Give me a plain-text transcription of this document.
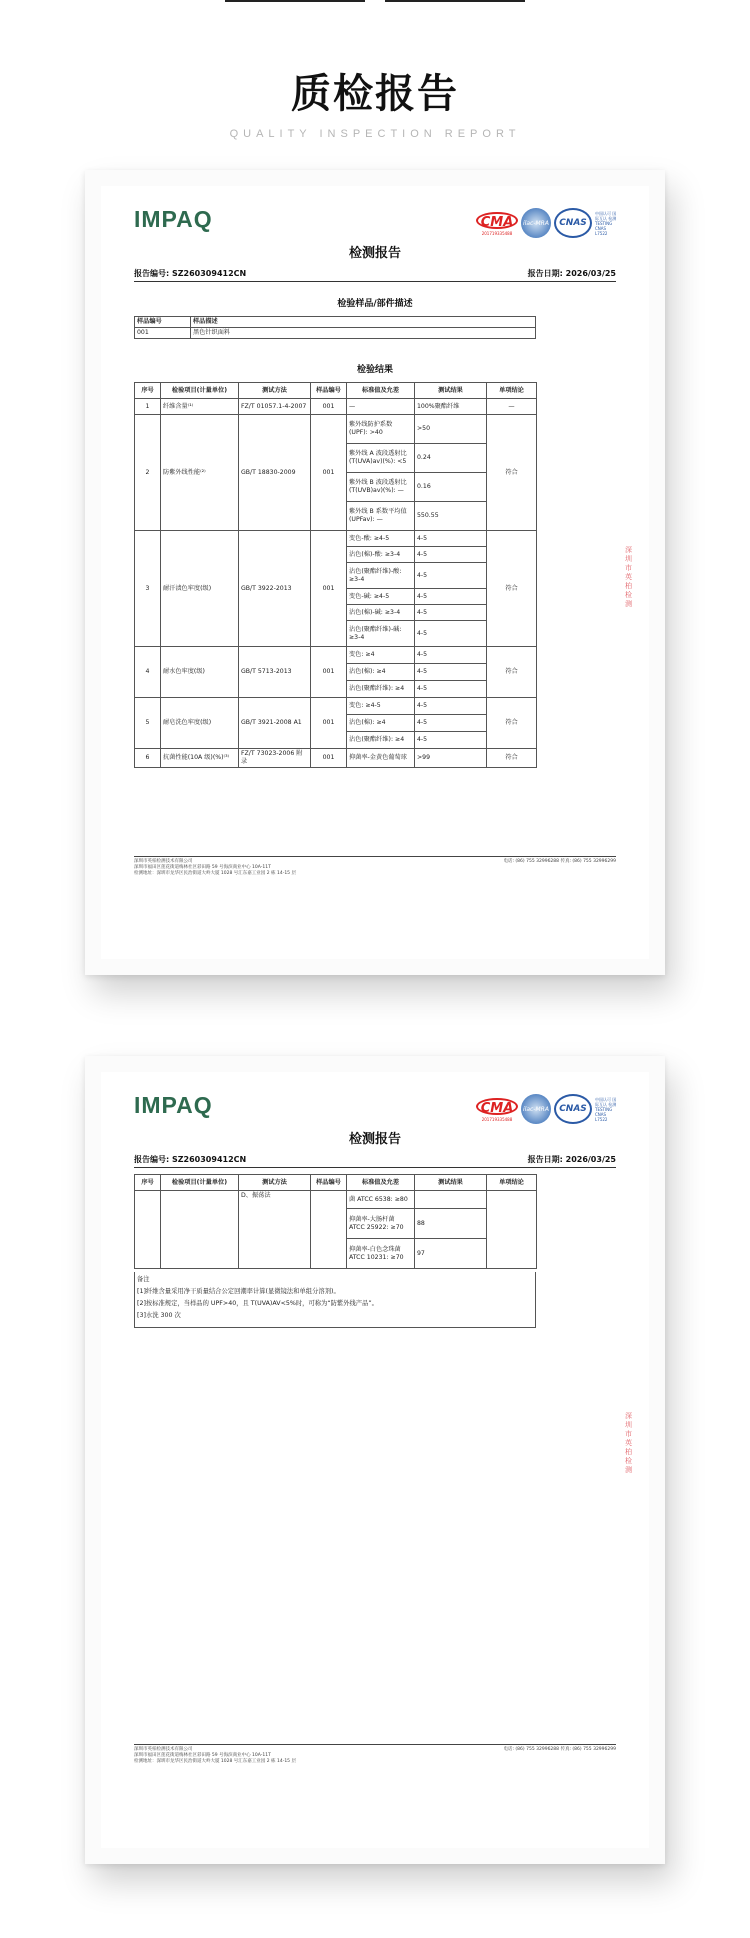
质检报告
QUALITY INSPECTION REPORT
IMPAQ	CMA
201719335488
ilac-MRA	CNAS
中国认可 国际互认 检测 TESTING CNAS L7522
检测报告
报告编号: SZ260309412CN	报告日期: 2026/03/25
检验样品/部件描述
样品编号	样品描述
001	黑色针织面料
检验结果
序号	检验项目(计量单位)	测试方法	样品编号	标准值及允差	测试结果	单项结论
1	纤维含量⁽¹⁾	FZ/T 01057.1-4-2007	001	—	100%聚酯纤维	—
2	防紫外线性能⁽²⁾	GB/T 18830-2009	001	紫外线防护系数 (UPF): >40	>50	符合
				紫外线 A 波段透射比 (T(UVA)av)(%): <5	0.24	
				紫外线 B 波段透射比 (T(UVB)av)(%): —	0.16	
				紫外线 B 系数平均值 (UPFav): —	550.55	
3	耐汗渍色牢度(级)	GB/T 3922-2013	001	变色-酸: ≥4-5	4-5	符合
				沾色(棉)-酸: ≥3-4	4-5	
				沾色(聚酯纤维)-酸: ≥3-4	4-5	
				变色-碱: ≥4-5	4-5	
				沾色(棉)-碱: ≥3-4	4-5	
				沾色(聚酯纤维)-碱: ≥3-4	4-5	
4	耐水色牢度(级)	GB/T 5713-2013	001	变色: ≥4	4-5	符合
				沾色(棉): ≥4	4-5	
				沾色(聚酯纤维): ≥4	4-5	
5	耐皂洗色牢度(级)	GB/T 3921-2008 A1	001	变色: ≥4-5	4-5	符合
				沾色(棉): ≥4	4-5	
				沾色(聚酯纤维): ≥4	4-5	
6	抗菌性能(10A 级)(%)⁽³⁾	FZ/T 73023-2006 附录	001	抑菌率-金黄色葡萄球	>99	符合
深圳市英柏检测技术有限公司
深圳市福田区莲花街道梅林社区彩田路 59 号海滨商业中心 10A-11T
检测地址：深圳市龙华区民治街道大岭大厦 1028 号汇东嘉工业园 2 栋 14-15 层
电话: (86) 755 32996288 传真: (86) 755 32996299
深圳市英柏检测
IMPAQ	CMA
201719335488
ilac-MRA	CNAS
中国认可 国际互认 检测 TESTING CNAS L7522
检测报告
报告编号: SZ260309412CN	报告日期: 2026/03/25
序号	检验项目(计量单位)	测试方法	样品编号	标准值及允差	测试结果	单项结论
		D、振荡法		菌 ATCC 6538: ≥80		
				抑菌率-大肠杆菌 ATCC 25922: ≥70	88	
				抑菌率-白色念珠菌 ATCC 10231: ≥70	97	
备注
[1]纤维含量采用净干质量结合公定回潮率计算(显微镜法和单组分溶剂)。
[2]按标准规定，当样品的 UPF>40，且 T(UVA)AV<5%时，可称为“防紫外线产品”。
[3]水洗 300 次
深圳市英柏检测技术有限公司
深圳市福田区莲花街道梅林社区彩田路 59 号海滨商业中心 10A-11T
检测地址：深圳市龙华区民治街道大岭大厦 1028 号汇东嘉工业园 2 栋 14-15 层
电话: (86) 755 32996288 传真: (86) 755 32996299
深圳市英柏检测
